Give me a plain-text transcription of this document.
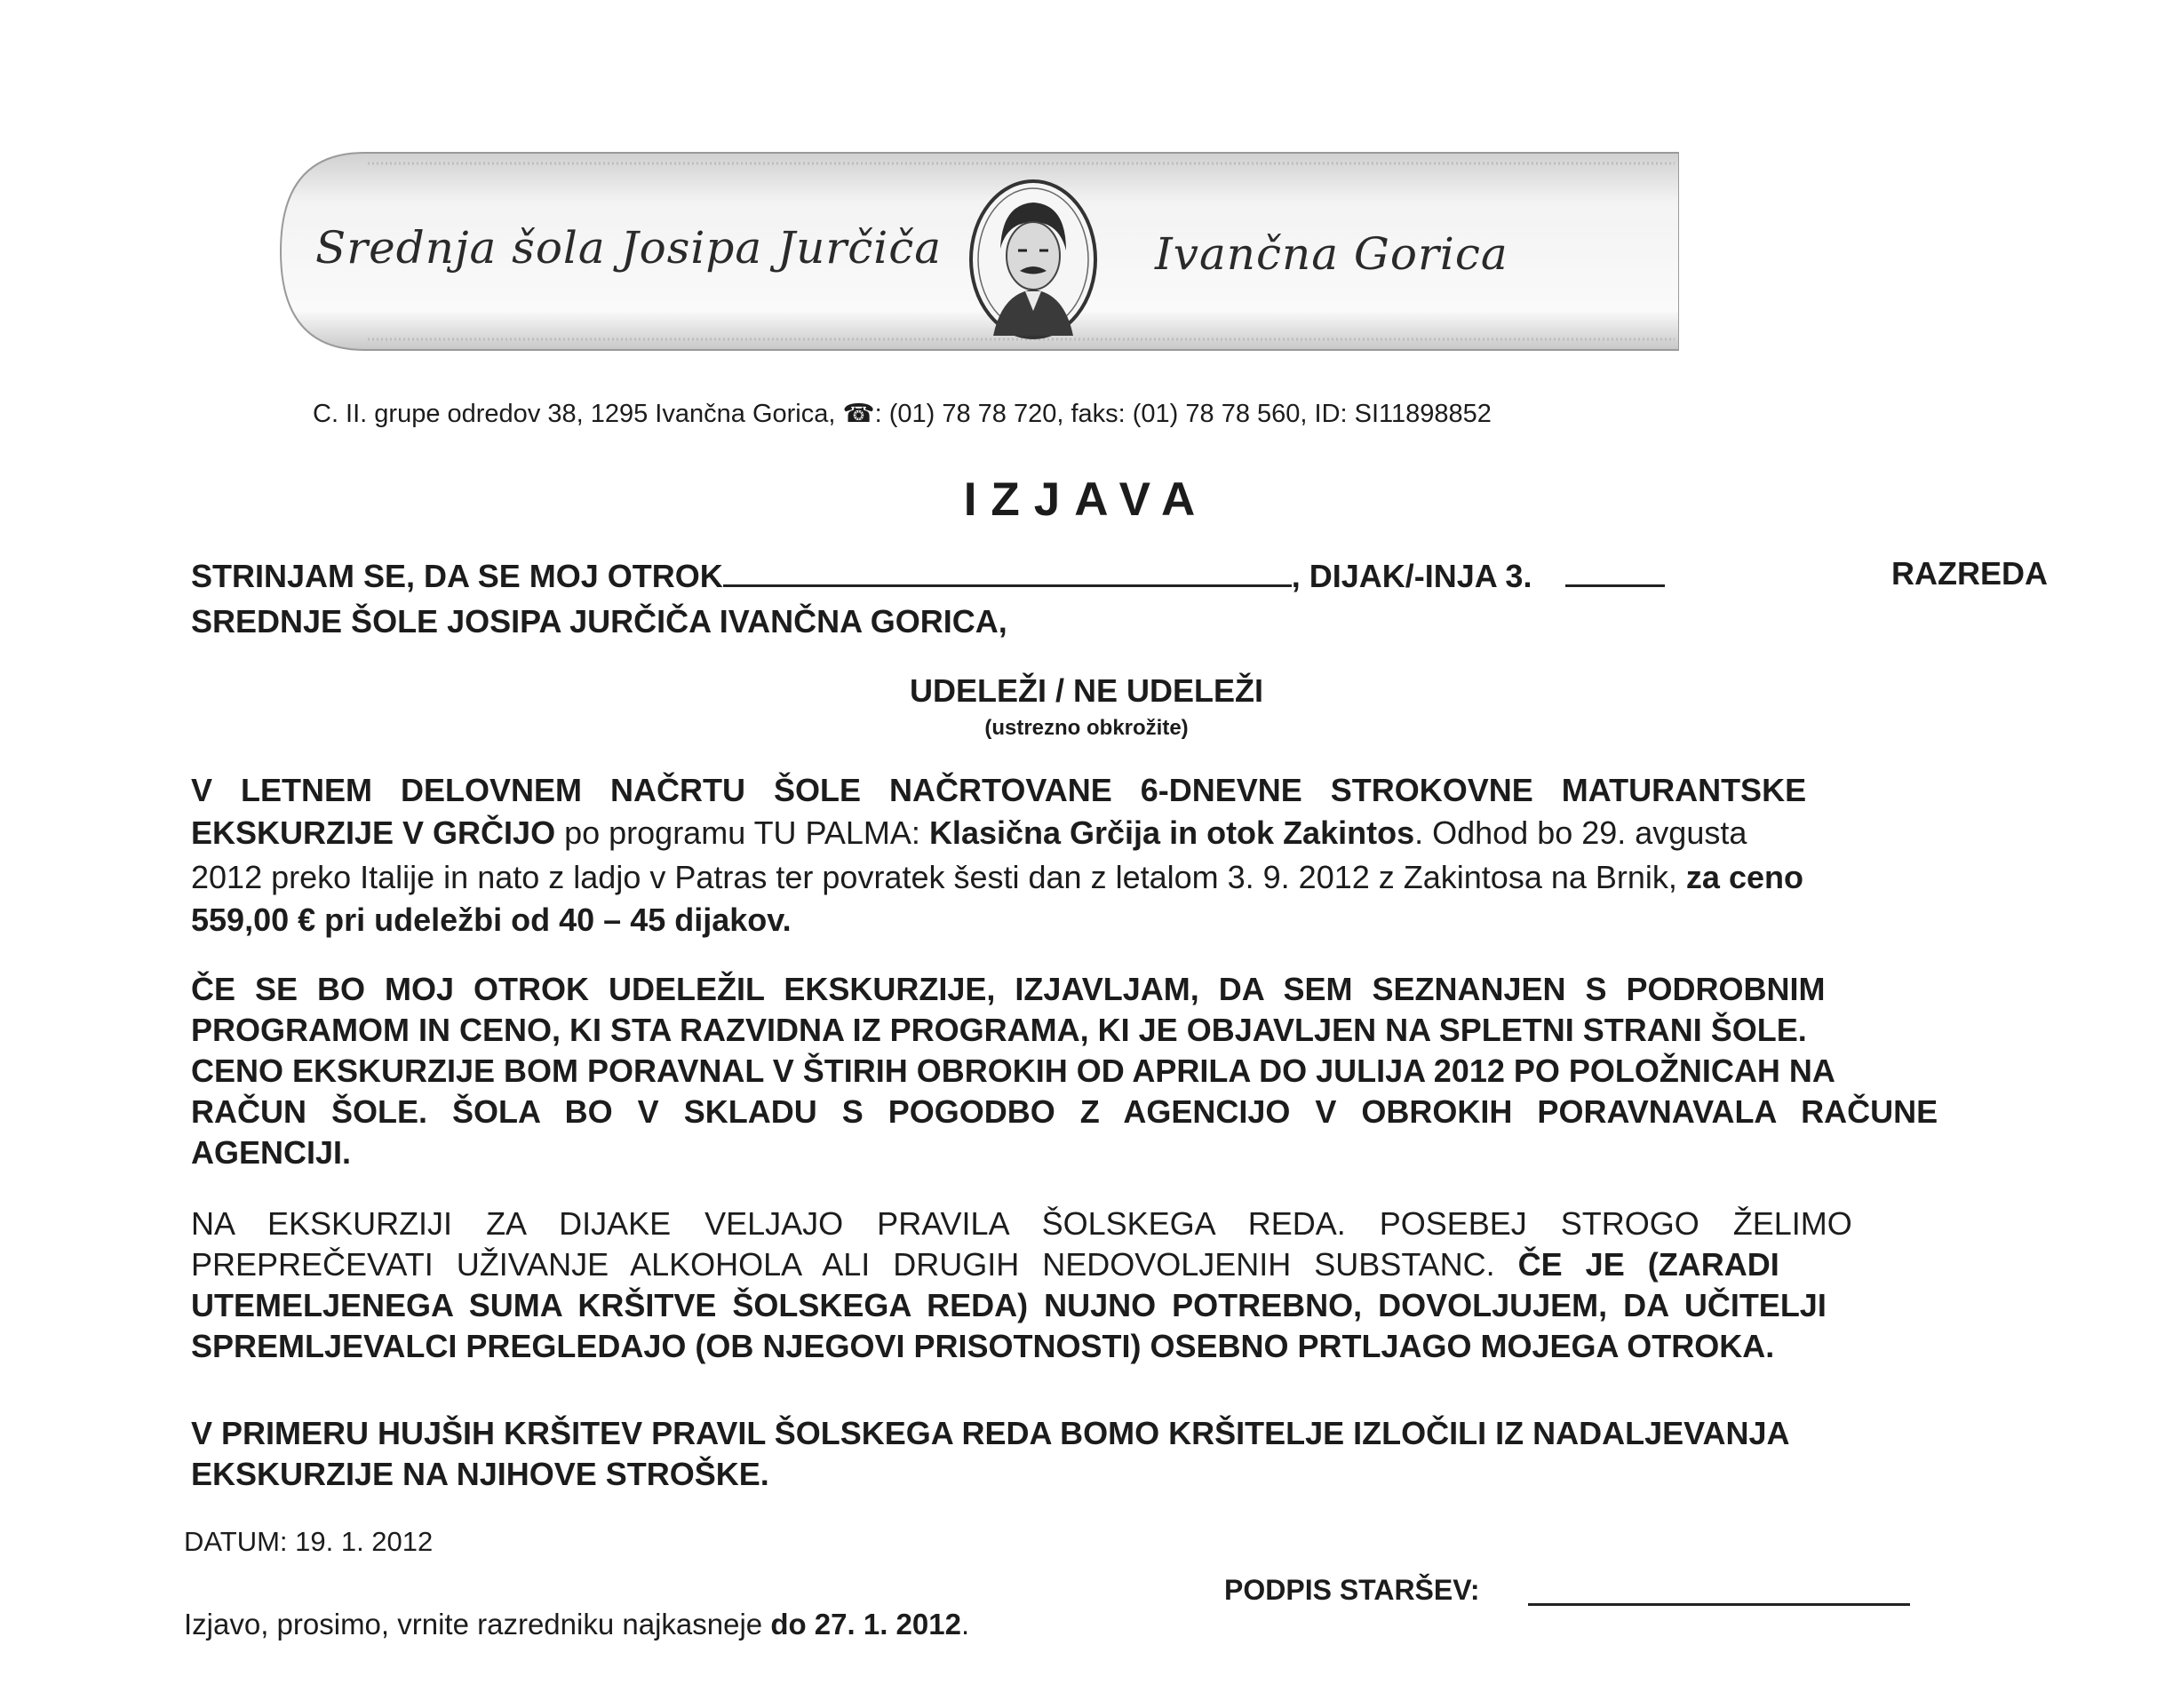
Srednja šola Josipa Jurčiča	Ivančna Gorica
C. II. grupe odredov 38, 1295 Ivančna Gorica, ☎: (01) 78 78 720, faks: (01) 78 78 560, ID: SI11898852
IZJAVA
STRINJAM SE, DA SE MOJ OTROK	, DIJAK/-INJA 3.	RAZREDA
SREDNJE ŠOLE JOSIPA JURČIČA IVANČNA GORICA,
UDELEŽI / NE UDELEŽI
(ustrezno obkrožite)
V LETNEM DELOVNEM NAČRTU ŠOLE NAČRTOVANE 6-DNEVNE STROKOVNE MATURANTSKE
EKSKURZIJE V GRČIJO po programu TU PALMA: Klasična Grčija in otok Zakintos. Odhod bo 29. avgusta
2012 preko Italije in nato z ladjo v Patras ter povratek šesti dan z letalom 3. 9. 2012 z Zakintosa na Brnik, za ceno
559,00 € pri udeležbi od 40 – 45 dijakov.
ČE SE BO MOJ OTROK UDELEŽIL EKSKURZIJE, IZJAVLJAM, DA SEM SEZNANJEN S PODROBNIM
PROGRAMOM IN CENO, KI STA RAZVIDNA IZ PROGRAMA, KI JE OBJAVLJEN NA SPLETNI STRANI ŠOLE.
CENO EKSKURZIJE BOM PORAVNAL V ŠTIRIH OBROKIH OD APRILA DO JULIJA 2012 PO POLOŽNICAH NA
RAČUN ŠOLE. ŠOLA BO V SKLADU S POGODBO Z AGENCIJO V OBROKIH PORAVNAVALA RAČUNE
AGENCIJI.
NA EKSKURZIJI ZA DIJAKE VELJAJO PRAVILA ŠOLSKEGA REDA. POSEBEJ STROGO ŽELIMO
PREPREČEVATI UŽIVANJE ALKOHOLA ALI DRUGIH NEDOVOLJENIH SUBSTANC. ČE JE (ZARADI
UTEMELJENEGA SUMA KRŠITVE ŠOLSKEGA REDA) NUJNO POTREBNO, DOVOLJUJEM, DA UČITELJI
SPREMLJEVALCI PREGLEDAJO (OB NJEGOVI PRISOTNOSTI) OSEBNO PRTLJAGO MOJEGA OTROKA.
V PRIMERU HUJŠIH KRŠITEV PRAVIL ŠOLSKEGA REDA BOMO KRŠITELJE IZLOČILI IZ NADALJEVANJA
EKSKURZIJE NA NJIHOVE STROŠKE.
DATUM: 19. 1. 2012
PODPIS STARŠEV:
Izjavo, prosimo, vrnite razredniku najkasneje do 27. 1. 2012.
